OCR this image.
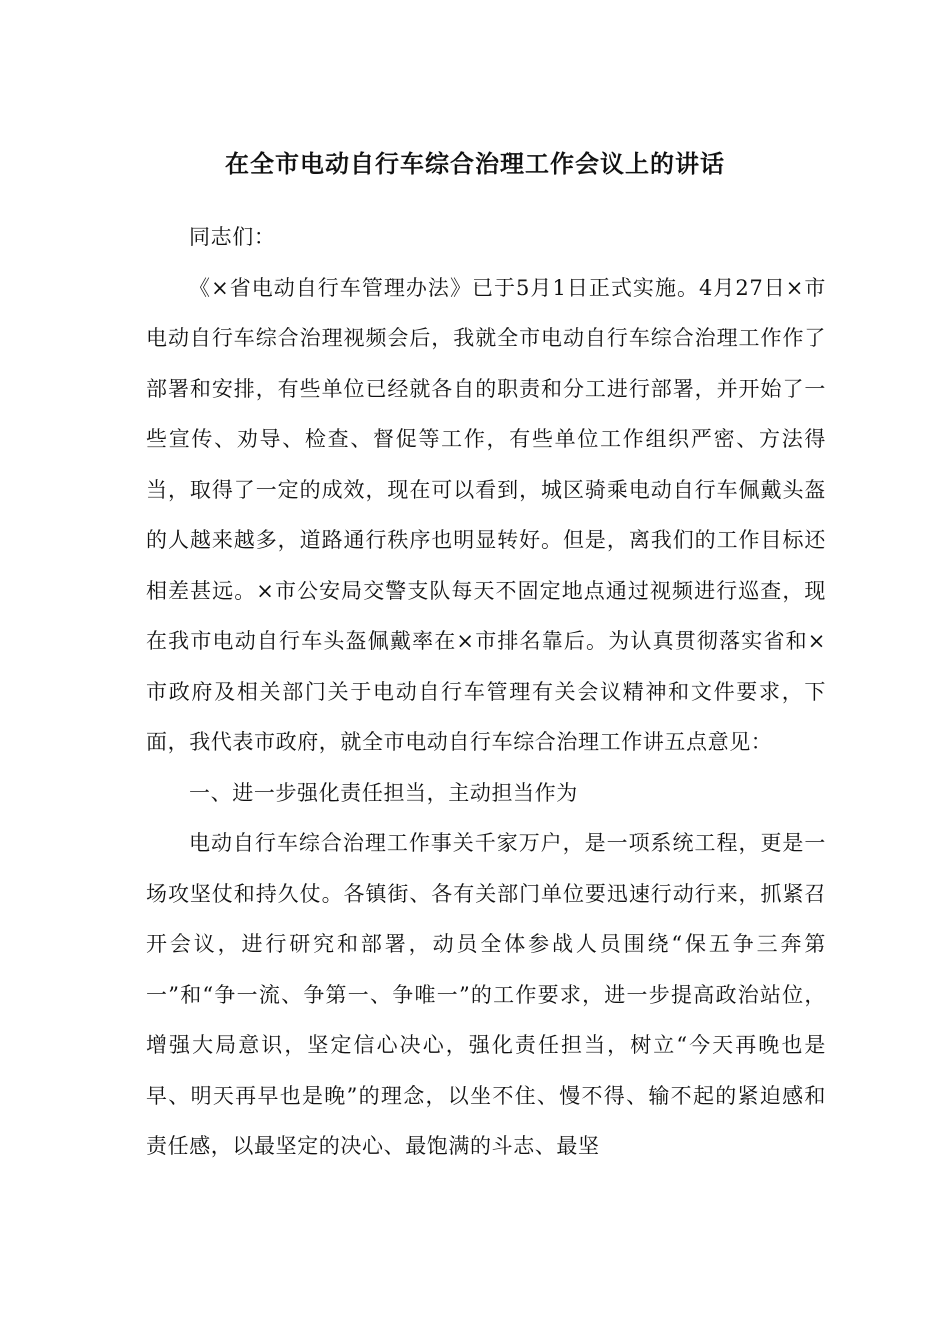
在全市电动自行车综合治理工作会议上的讲话

同志们：

《×省电动自行车管理办法》已于5月1日正式实施。4月27日×市电动自行车综合治理视频会后，我就全市电动自行车综合治理工作作了部署和安排，有些单位已经就各自的职责和分工进行部署，并开始了一些宣传、劝导、检查、督促等工作，有些单位工作组织严密、方法得当，取得了一定的成效，现在可以看到，城区骑乘电动自行车佩戴头盔的人越来越多，道路通行秩序也明显转好。但是，离我们的工作目标还相差甚远。×市公安局交警支队每天不固定地点通过视频进行巡查，现在我市电动自行车头盔佩戴率在×市排名靠后。为认真贯彻落实省和×市政府及相关部门关于电动自行车管理有关会议精神和文件要求，下面，我代表市政府，就全市电动自行车综合治理工作讲五点意见：

一、进一步强化责任担当，主动担当作为

电动自行车综合治理工作事关千家万户，是一项系统工程，更是一场攻坚仗和持久仗。各镇街、各有关部门单位要迅速行动行来，抓紧召开会议，进行研究和部署，动员全体参战人员围绕“保五争三奔第一”和“争一流、争第一、争唯一”的工作要求，进一步提高政治站位，增强大局意识，坚定信心决心，强化责任担当，树立“今天再晚也是早、明天再早也是晚”的理念，以坐不住、慢不得、输不起的紧迫感和责任感，以最坚定的决心、最饱满的斗志、最坚
